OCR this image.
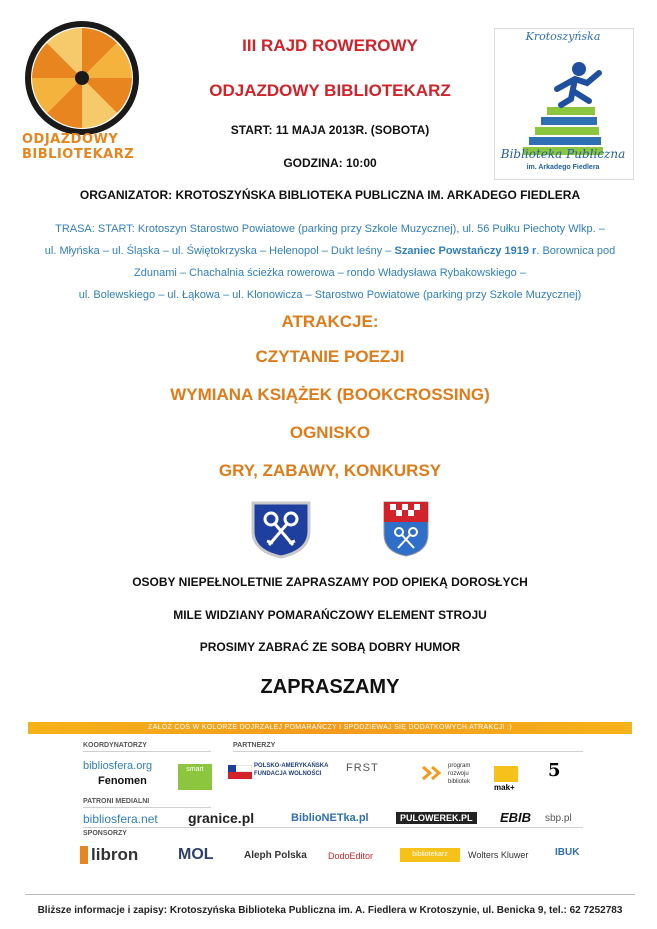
ODJAZDOWY
BIBLIOTEKARZ
Krotoszyńska
Biblioteka Publiczna
im. Arkadego Fiedlera
III RAJD ROWEROWY
ODJAZDOWY BIBLIOTEKARZ
START: 11 MAJA 2013R. (SOBOTA)
GODZINA: 10:00
ORGANIZATOR: KROTOSZYŃSKA BIBLIOTEKA PUBLICZNA IM. ARKADEGO FIEDLERA
TRASA: START: Krotoszyn Starostwo Powiatowe (parking przy Szkole Muzycznej), ul. 56 Pułku Piechoty Wlkp. –
ul. Młyńska – ul. Śląska – ul. Świętokrzyska – Helenopol – Dukt leśny – Szaniec Powstańczy 1919 r. Borownica pod
Zdunami – Chachalnia ścieżka rowerowa – rondo Władysława Rybakowskiego –
ul. Bolewskiego – ul. Łąkowa – ul. Klonowicza – Starostwo Powiatowe (parking przy Szkole Muzycznej)
ATRAKCJE:
CZYTANIE POEZJI
WYMIANA KSIĄŻEK (BOOKCROSSING)
OGNISKO
GRY, ZABAWY, KONKURSY
OSOBY NIEPEŁNOLETNIE ZAPRASZAMY POD OPIEKĄ DOROSŁYCH
MILE WIDZIANY POMARAŃCZOWY ELEMENT STROJU
PROSIMY ZABRAĆ ZE SOBĄ DOBRY HUMOR
ZAPRASZAMY
KOORDYNATORZY	PARTNERZY
bibliosfera.org
Fenomen
smart	POLSKO-AMERYKAŃSKA FUNDACJA WOLNOŚCI	FRST	program rozwoju bibliotek
mak+
5
PATRONI MEDIALNI
bibliosfera.net granice.pl	BiblioNETka.pl	PULOWEREK.PL	EBIB sbp.pl
SPONSORZY
libron MOL	Aleph Polska DodoEditor	bibliotekarz	Wolters Kluwer	IBUK
ZAŁÓŻ COŚ W KOLORZE DOJRZAŁEJ POMARAŃCZY I SPODZIEWAJ SIĘ DODATKOWYCH ATRAKCJI :)
Bliższe informacje i zapisy: Krotoszyńska Biblioteka Publiczna im. A. Fiedlera w Krotoszynie, ul. Benicka 9, tel.: 62 7252783
